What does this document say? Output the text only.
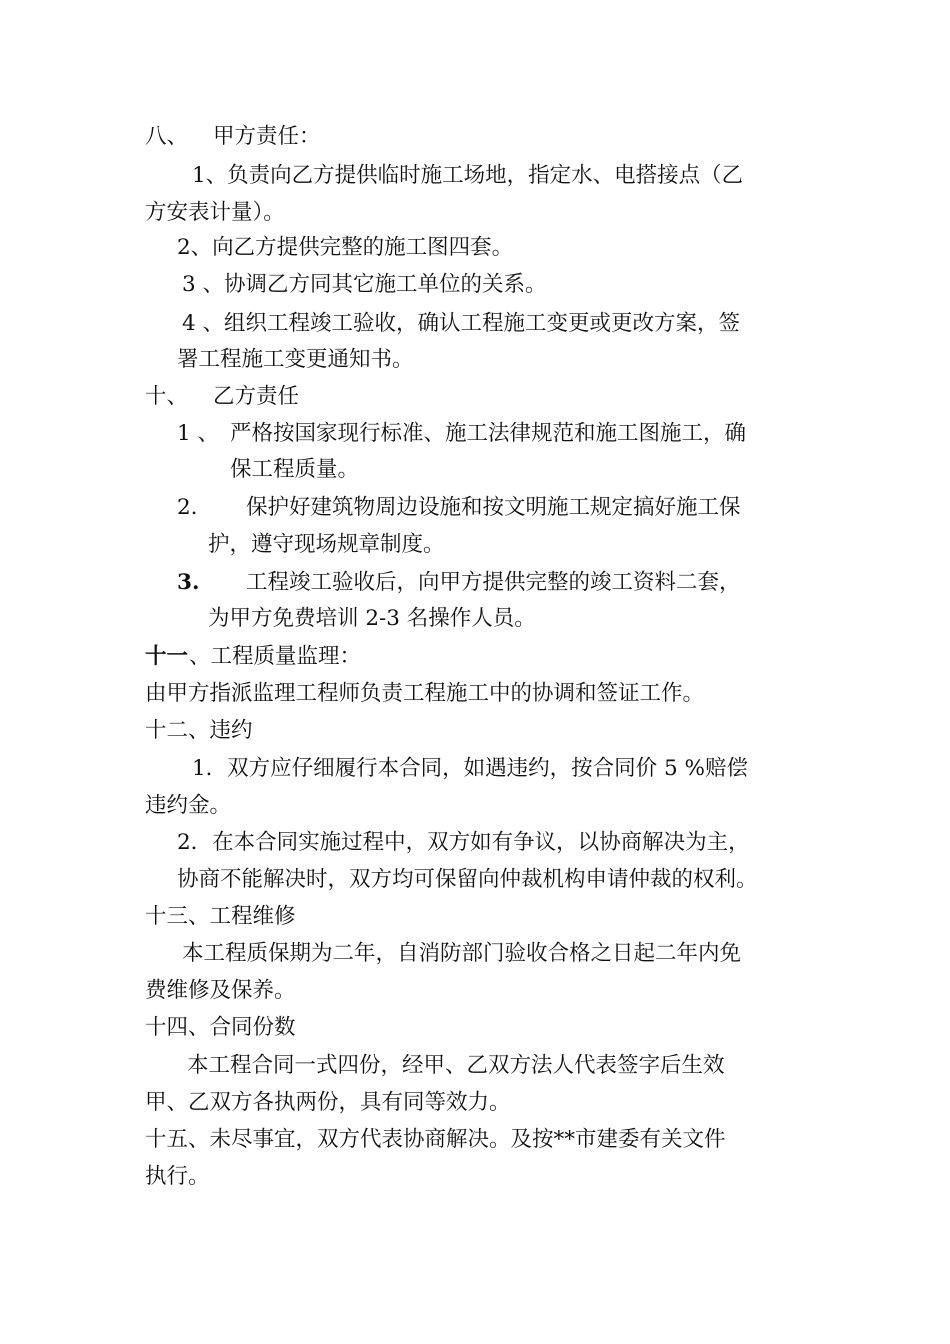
八、 甲方责任：
1、负责向乙方提供临时施工场地，指定水、电搭接点（乙
方安表计量）。
2、向乙方提供完整的施工图四套。
3 、协调乙方同其它施工单位的关系。
4 、组织工程竣工验收，确认工程施工变更或更改方案，签
署工程施工变更通知书。
十、 乙方责任
1 、 严格按国家现行标准、施工法律规范和施工图施工，确
保工程质量。
2. 保护好建筑物周边设施和按文明施工规定搞好施工保
护，遵守现场规章制度。
3. 工程竣工验收后，向甲方提供完整的竣工资料二套，
为甲方免费培训 2-3 名操作人员。
十一 、工程质量监理：
由甲方指派监理工程师负责工程施工中的协调和签证工作。
十二、违约
1．双方应仔细履行本合同，如遇违约，按合同价 5 %赔偿
违约金。
2．在本合同实施过程中，双方如有争议，以协商解决为主，
协商不能解决时，双方均可保留向仲裁机构申请仲裁的权利。
十三、工程维修
本工程质保期为二年，自消防部门验收合格之日起二年内免
费维修及保养。
十四、合同份数
本工程合同一式四份，经甲、乙双方法人代表签字后生效
甲、乙双方各执两份，具有同等效力。
十五、未尽事宜，双方代表协商解决。及按**市建委有关文件
执行。
